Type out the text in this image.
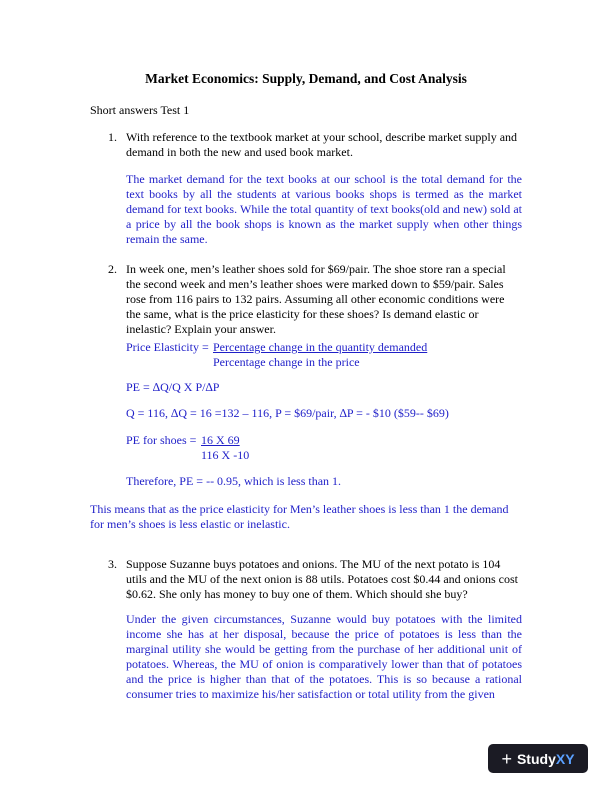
Market Economics: Supply, Demand, and Cost Analysis
Short answers Test 1
1. With reference to the textbook market at your school, describe market supply and
demand in both the new and used book market.
The market demand for the text books at our school is the total demand for the text books by all the students at various books shops is termed as the market demand for text books. While the total quantity of text books(old and new) sold at a price by all the book shops is known as the market supply when other things remain the same.
2. In week one, men’s leather shoes sold for $69/pair. The shoe store ran a special
the second week and men’s leather shoes were marked down to $59/pair. Sales
rose from 116 pairs to 132 pairs. Assuming all other economic conditions were
the same, what is the price elasticity for these shoes? Is demand elastic or
inelastic? Explain your answer.
Price Elasticity = Percentage change in the quantity demanded
Percentage change in the price
PE = ∆Q/Q X P/∆P
Q = 116, ∆Q = 16 =132 – 116, P = $69/pair, ∆P = - $10 ($59-- $69)
PE for shoes = 16 X 69
116 X -10
Therefore, PE = -- 0.95, which is less than 1.
This means that as the price elasticity for Men’s leather shoes is less than 1 the demand for men’s shoes is less elastic or inelastic.
3. Suppose Suzanne buys potatoes and onions. The MU of the next potato is 104
utils and the MU of the next onion is 88 utils. Potatoes cost $0.44 and onions cost
$0.62. She only has money to buy one of them. Which should she buy?
Under the given circumstances, Suzanne would buy potatoes with the limited income she has at her disposal, because the price of potatoes is less than the marginal utility she would be getting from the purchase of her additional unit of potatoes. Whereas, the MU of onion is comparatively lower than that of potatoes and the price is higher than that of the potatoes. This is so because a rational consumer tries to maximize his/her satisfaction or total utility from the given
+ Study XY
